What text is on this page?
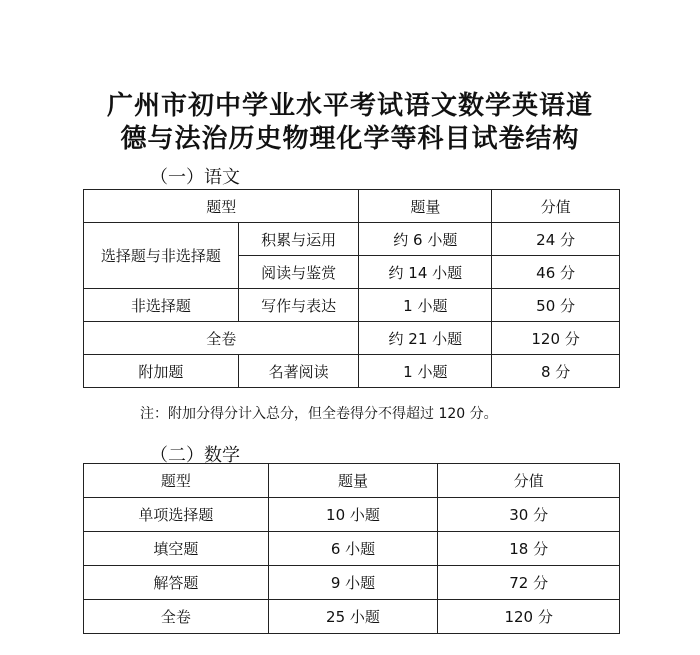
广州市初中学业水平考试语文数学英语道
德与法治历史物理化学等科目试卷结构
（一）语文
题型		题量	分值
选择题与非选择题	积累与运用	约 6 小题	24 分
	阅读与鉴赏	约 14 小题	46 分
非选择题	写作与表达	1 小题	50 分
全卷		约 21 小题	120 分
附加题	名著阅读	1 小题	8 分
注：附加分得分计入总分，但全卷得分不得超过 120 分。
（二）数学
题型	题量	分值
单项选择题	10 小题	30 分
填空题	6 小题	18 分
解答题	9 小题	72 分
全卷	25 小题	120 分
